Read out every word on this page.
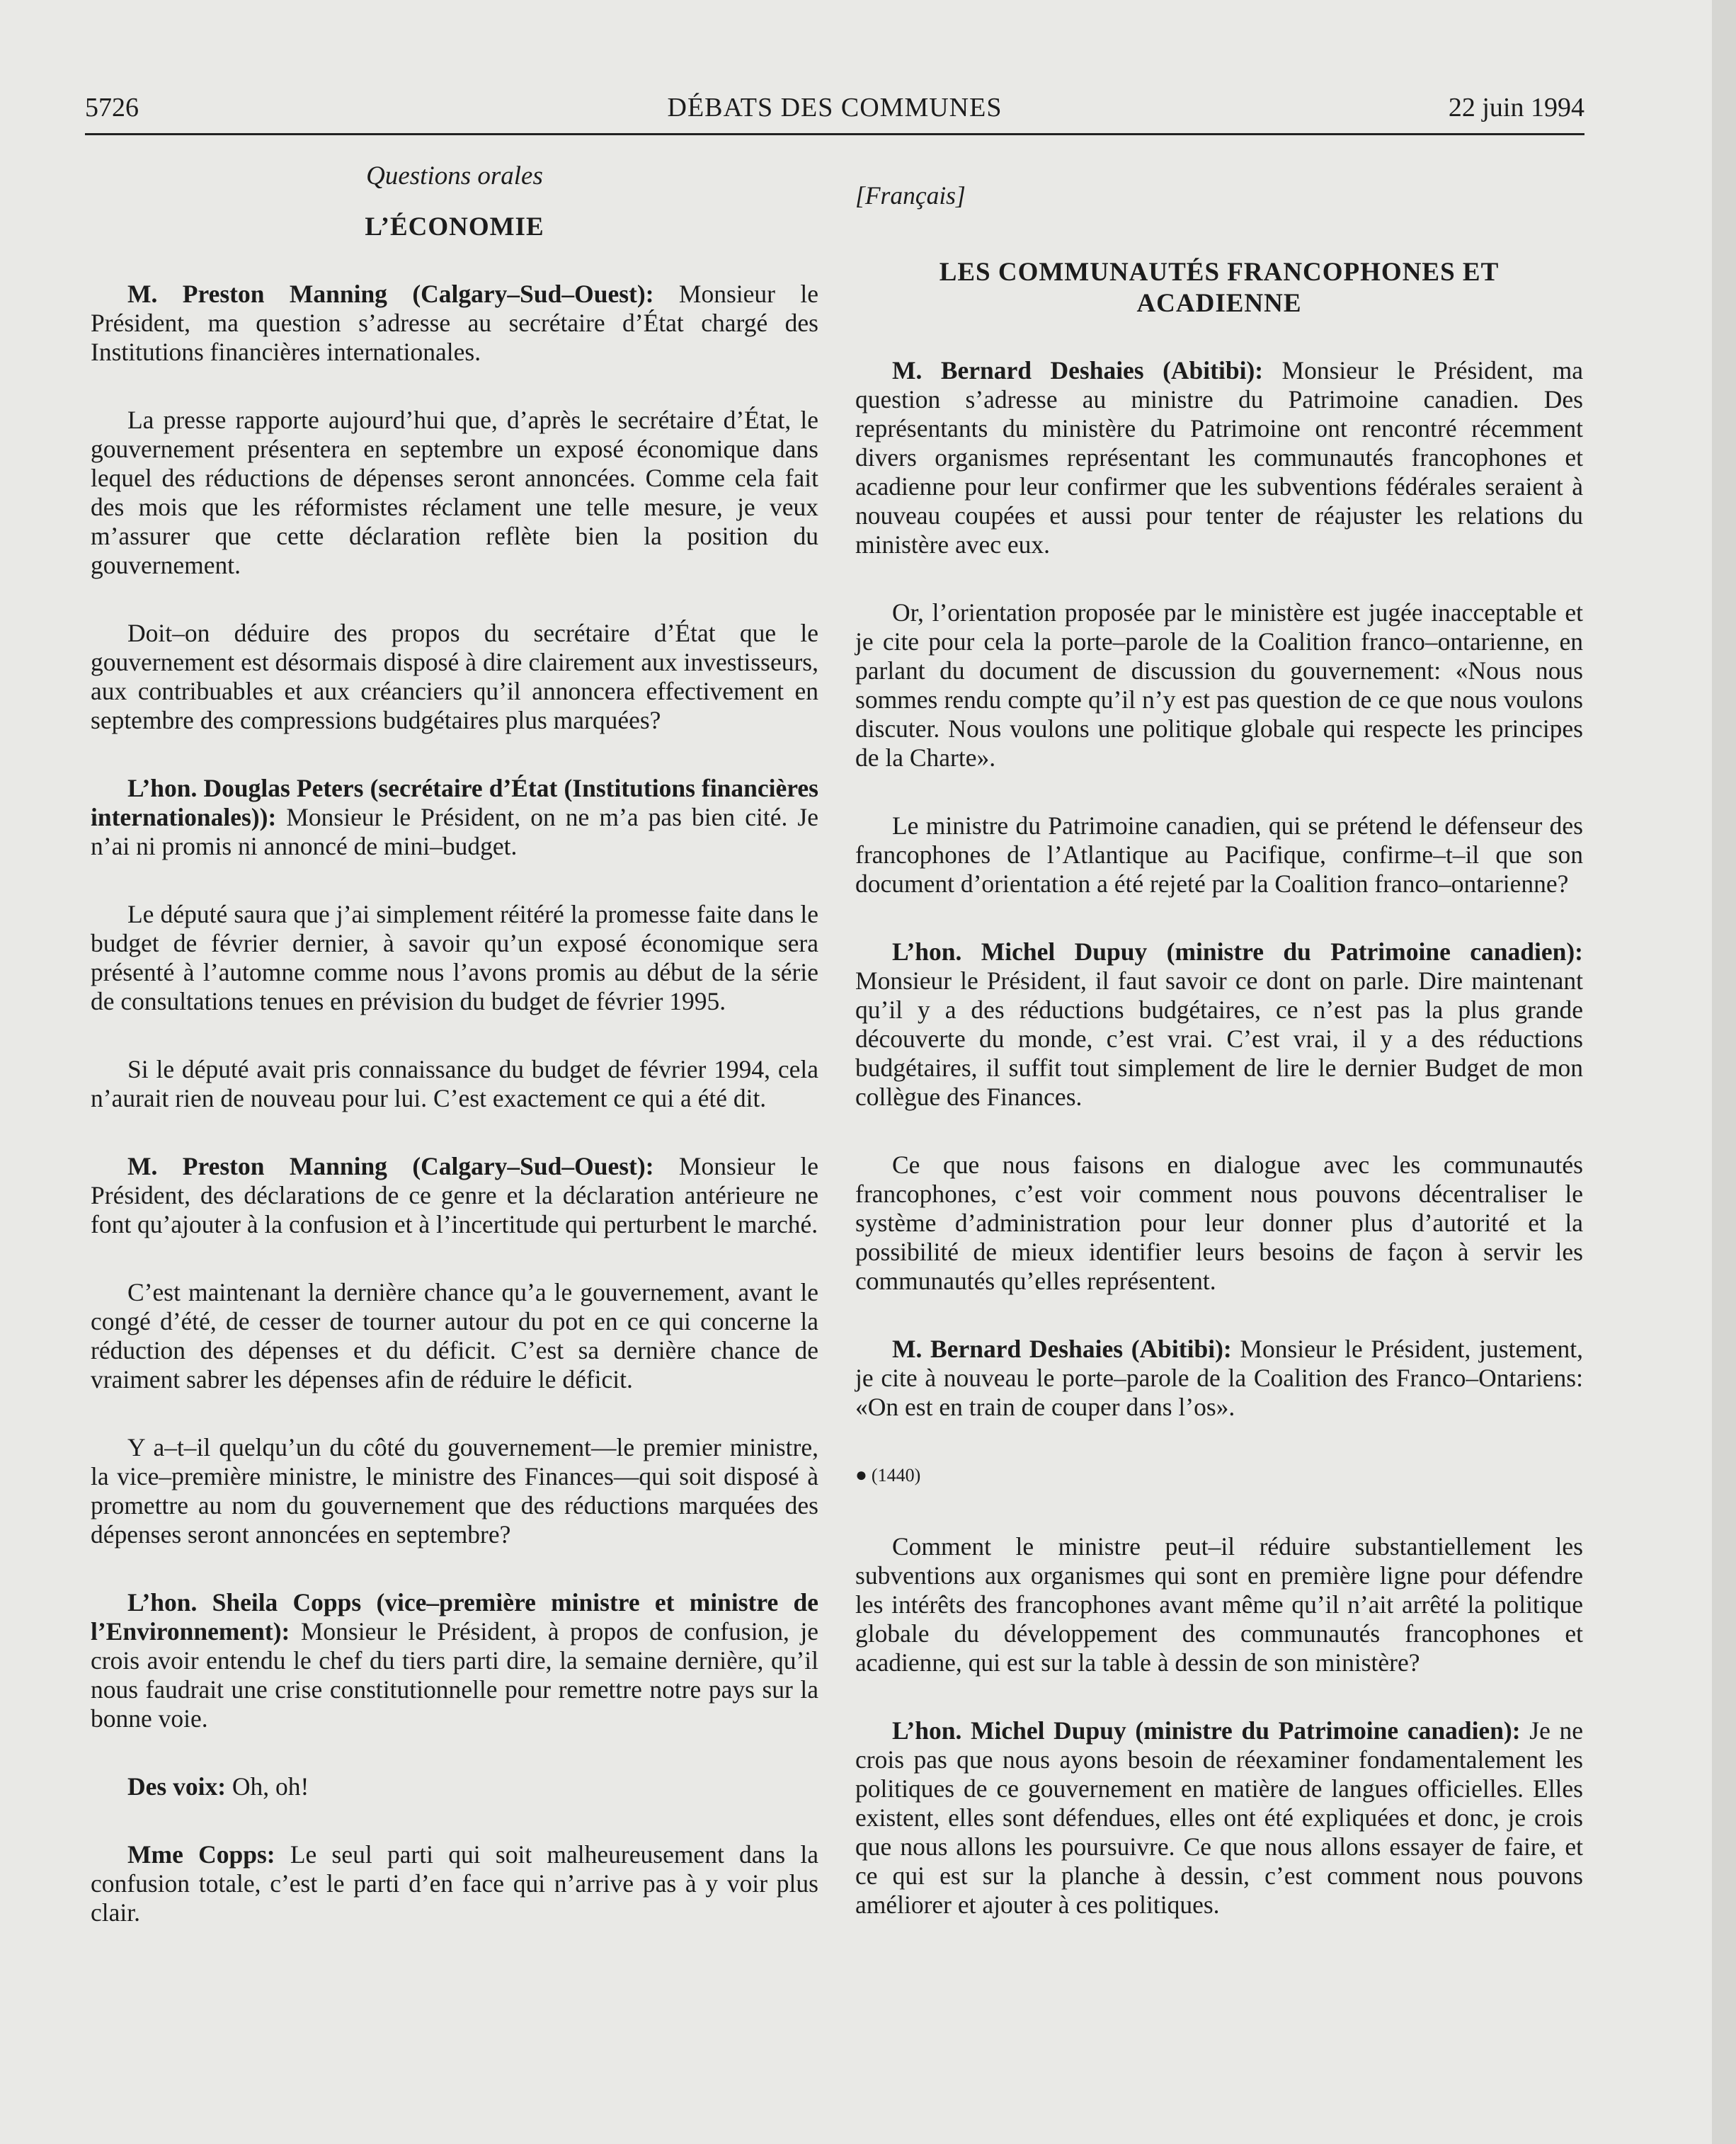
5726	DÉBATS DES COMMUNES	22 juin 1994

Questions orales

L’ÉCONOMIE

M. Preston Manning (Calgary–Sud–Ouest): Monsieur le Président, ma question s’adresse au secrétaire d’État chargé des Institutions financières internationales.

La presse rapporte aujourd’hui que, d’après le secrétaire d’État, le gouvernement présentera en septembre un exposé économique dans lequel des réductions de dépenses seront annoncées. Comme cela fait des mois que les réformistes réclament une telle mesure, je veux m’assurer que cette déclaration reflète bien la position du gouvernement.

Doit–on déduire des propos du secrétaire d’État que le gouvernement est désormais disposé à dire clairement aux investisseurs, aux contribuables et aux créanciers qu’il annoncera effectivement en septembre des compressions budgétaires plus marquées?

L’hon. Douglas Peters (secrétaire d’État (Institutions financières internationales)): Monsieur le Président, on ne m’a pas bien cité. Je n’ai ni promis ni annoncé de mini–budget.

Le député saura que j’ai simplement réitéré la promesse faite dans le budget de février dernier, à savoir qu’un exposé économique sera présenté à l’automne comme nous l’avons promis au début de la série de consultations tenues en prévision du budget de février 1995.

Si le député avait pris connaissance du budget de février 1994, cela n’aurait rien de nouveau pour lui. C’est exactement ce qui a été dit.

M. Preston Manning (Calgary–Sud–Ouest): Monsieur le Président, des déclarations de ce genre et la déclaration antérieure ne font qu’ajouter à la confusion et à l’incertitude qui perturbent le marché.

C’est maintenant la dernière chance qu’a le gouvernement, avant le congé d’été, de cesser de tourner autour du pot en ce qui concerne la réduction des dépenses et du déficit. C’est sa dernière chance de vraiment sabrer les dépenses afin de réduire le déficit.

Y a–t–il quelqu’un du côté du gouvernement—le premier ministre, la vice–première ministre, le ministre des Finances—qui soit disposé à promettre au nom du gouvernement que des réductions marquées des dépenses seront annoncées en septembre?

L’hon. Sheila Copps (vice–première ministre et ministre de l’Environnement): Monsieur le Président, à propos de confusion, je crois avoir entendu le chef du tiers parti dire, la semaine dernière, qu’il nous faudrait une crise constitutionnelle pour remettre notre pays sur la bonne voie.

Des voix: Oh, oh!

Mme Copps: Le seul parti qui soit malheureusement dans la confusion totale, c’est le parti d’en face qui n’arrive pas à y voir plus clair.

[Français]

LES COMMUNAUTÉS FRANCOPHONES ET ACADIENNE

M. Bernard Deshaies (Abitibi): Monsieur le Président, ma question s’adresse au ministre du Patrimoine canadien. Des représentants du ministère du Patrimoine ont rencontré récemment divers organismes représentant les communautés francophones et acadienne pour leur confirmer que les subventions fédérales seraient à nouveau coupées et aussi pour tenter de réajuster les relations du ministère avec eux.

Or, l’orientation proposée par le ministère est jugée inacceptable et je cite pour cela la porte–parole de la Coalition franco–ontarienne, en parlant du document de discussion du gouvernement: «Nous nous sommes rendu compte qu’il n’y est pas question de ce que nous voulons discuter. Nous voulons une politique globale qui respecte les principes de la Charte».

Le ministre du Patrimoine canadien, qui se prétend le défenseur des francophones de l’Atlantique au Pacifique, confirme–t–il que son document d’orientation a été rejeté par la Coalition franco–ontarienne?

L’hon. Michel Dupuy (ministre du Patrimoine canadien): Monsieur le Président, il faut savoir ce dont on parle. Dire maintenant qu’il y a des réductions budgétaires, ce n’est pas la plus grande découverte du monde, c’est vrai. C’est vrai, il y a des réductions budgétaires, il suffit tout simplement de lire le dernier Budget de mon collègue des Finances.

Ce que nous faisons en dialogue avec les communautés francophones, c’est voir comment nous pouvons décentraliser le système d’administration pour leur donner plus d’autorité et la possibilité de mieux identifier leurs besoins de façon à servir les communautés qu’elles représentent.

M. Bernard Deshaies (Abitibi): Monsieur le Président, justement, je cite à nouveau le porte–parole de la Coalition des Franco–Ontariens: «On est en train de couper dans l’os».

● (1440)

Comment le ministre peut–il réduire substantiellement les subventions aux organismes qui sont en première ligne pour défendre les intérêts des francophones avant même qu’il n’ait arrêté la politique globale du développement des communautés francophones et acadienne, qui est sur la table à dessin de son ministère?

L’hon. Michel Dupuy (ministre du Patrimoine canadien): Je ne crois pas que nous ayons besoin de réexaminer fondamentalement les politiques de ce gouvernement en matière de langues officielles. Elles existent, elles sont défendues, elles ont été expliquées et donc, je crois que nous allons les poursuivre. Ce que nous allons essayer de faire, et ce qui est sur la planche à dessin, c’est comment nous pouvons améliorer et ajouter à ces politiques.
